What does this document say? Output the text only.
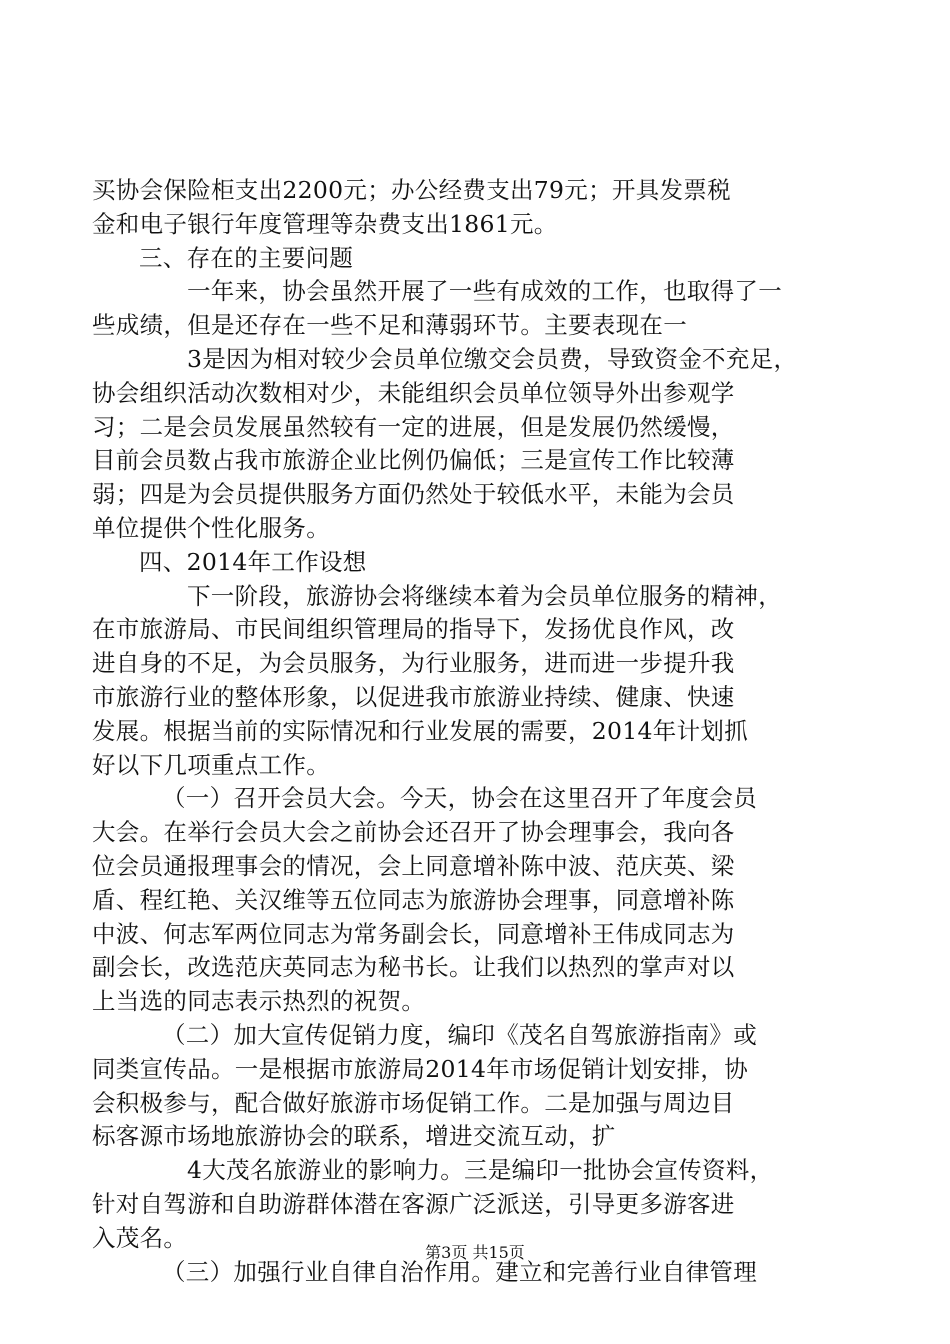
买协会保险柜支出2200元；办公经费支出79元；开具发票税
金和电子银行年度管理等杂费支出1861元。
三、存在的主要问题
一年来，协会虽然开展了一些有成效的工作，也取得了一
些成绩，但是还存在一些不足和薄弱环节。主要表现在一
3是因为相对较少会员单位缴交会员费，导致资金不充足，
协会组织活动次数相对少，未能组织会员单位领导外出参观学
习；二是会员发展虽然较有一定的进展，但是发展仍然缓慢，
目前会员数占我市旅游企业比例仍偏低；三是宣传工作比较薄
弱；四是为会员提供服务方面仍然处于较低水平，未能为会员
单位提供个性化服务。
四、2014年工作设想
下一阶段，旅游协会将继续本着为会员单位服务的精神，
在市旅游局、市民间组织管理局的指导下，发扬优良作风，改
进自身的不足，为会员服务，为行业服务，进而进一步提升我
市旅游行业的整体形象，以促进我市旅游业持续、健康、快速
发展。根据当前的实际情况和行业发展的需要，2014年计划抓
好以下几项重点工作。
（一）召开会员大会。今天，协会在这里召开了年度会员
大会。在举行会员大会之前协会还召开了协会理事会，我向各
位会员通报理事会的情况，会上同意增补陈中波、范庆英、梁
盾、程红艳、关汉维等五位同志为旅游协会理事，同意增补陈
中波、何志军两位同志为常务副会长，同意增补王伟成同志为
副会长，改选范庆英同志为秘书长。让我们以热烈的掌声对以
上当选的同志表示热烈的祝贺。
（二）加大宣传促销力度，编印《茂名自驾旅游指南》或
同类宣传品。一是根据市旅游局2014年市场促销计划安排，协
会积极参与，配合做好旅游市场促销工作。二是加强与周边目
标客源市场地旅游协会的联系，增进交流互动，扩
4大茂名旅游业的影响力。三是编印一批协会宣传资料，
针对自驾游和自助游群体潜在客源广泛派送，引导更多游客进
入茂名。
（三）加强行业自律自治作用。建立和完善行业自律管理
第3页 共15页
